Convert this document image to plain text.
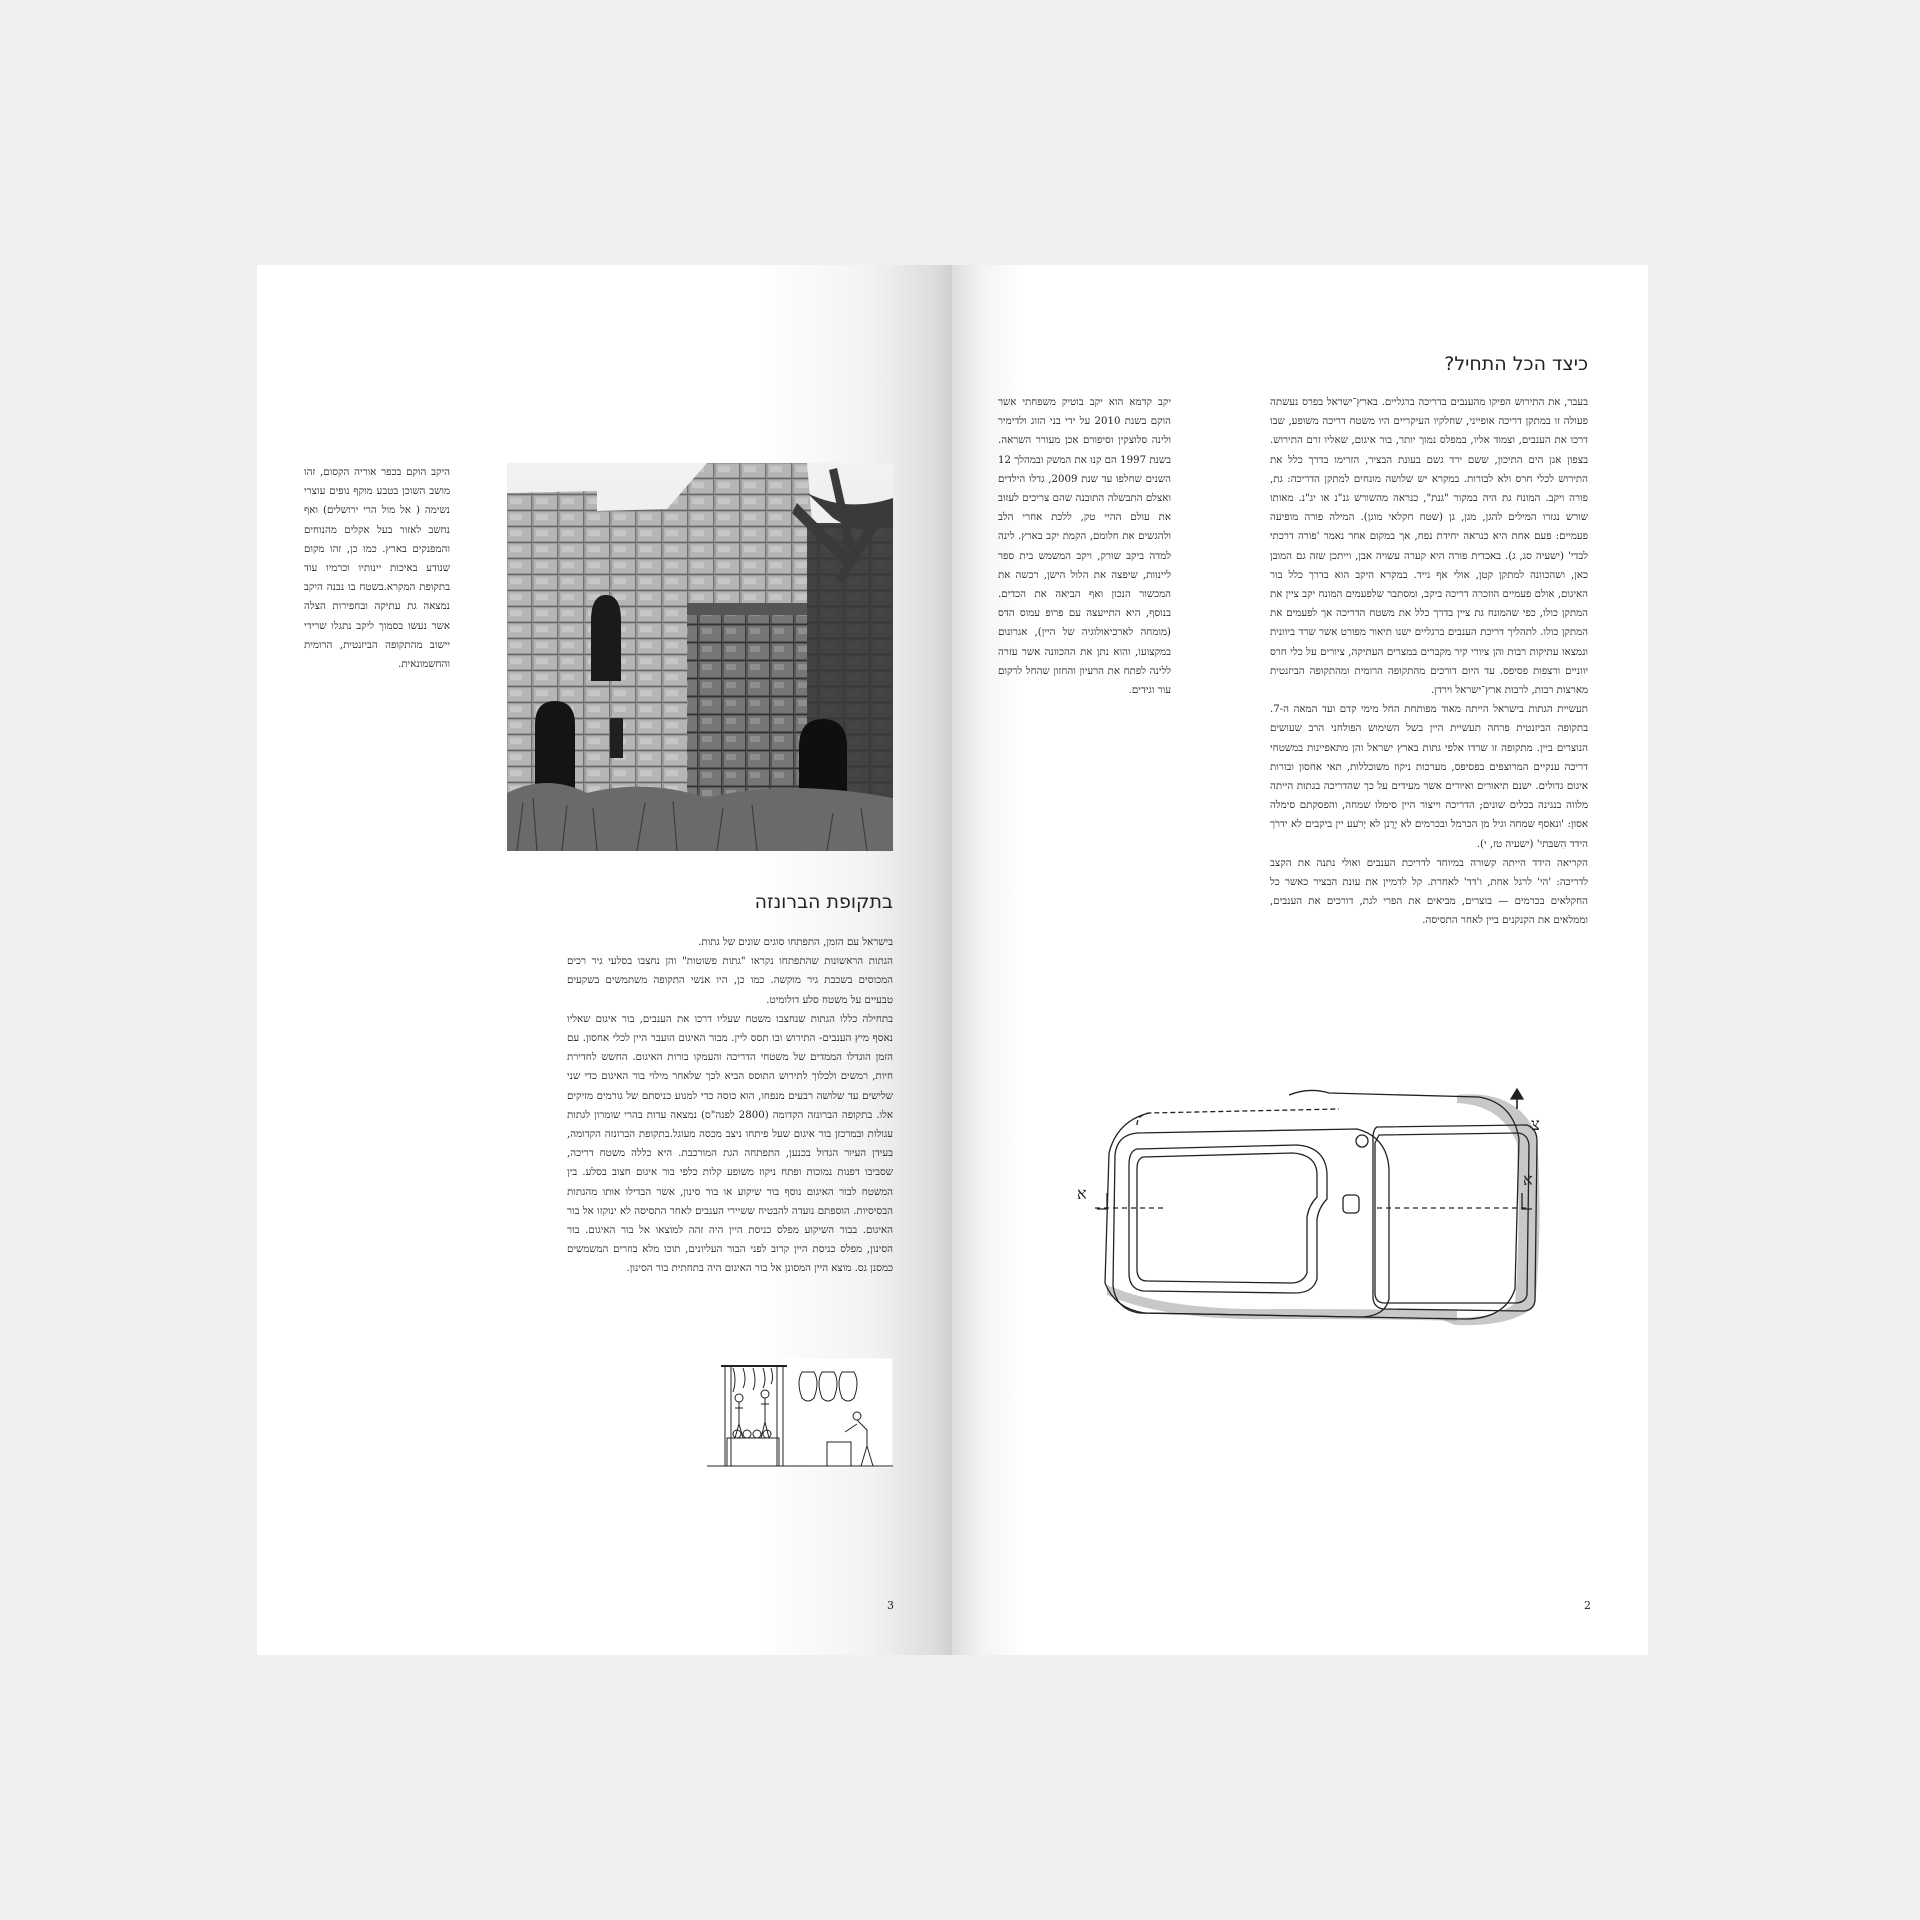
היקב הוקם בכפר אוריה הקסום, זהו מושב השוכן בטבע מוקף נופים עוצרי נשימה ( אל מול הרי ירושלים) ואף נחשב לאזור בעל אקלים מהנוחים והמפנקים בארץ. כמו כן, זהו מקום שנודע באיכות יינותיו וכרמיו עוד בתקופת המקרא.בשטח בו נבנה היקב נמצאה גת עתיקה ובחפירות הצלה אשר נעשו בסמוך ליקב נתגלו שרידי יישוב מהתקופה הביזנטית, הרומית והחשמונאית.
בתקופת הברונזה
בישראל עם הזמן, התפתחו סוגים שונים של גתות.
הגתות הראשונות שהתפתחו נקראו "גתות פשוטות" והן נחצבו בסלעי גיר רכים המכוסים בשכבת גיר מוקשה. כמו כן, היו אנשי התקופה משתמשים בשקעים טבעיים על משטח סלע דולומיט.
בתחילה כללו הגתות שנחצבו משטח שעליו דרכו את הענבים, בור איגום שאליו נאסף מיץ הענבים- התירוש ובו תסס ליין. מבור האיגום הועבר היין לכלי אחסון. עם הזמן הוגדלו הממדים של משטחי הדריכה והעמקו בורות האיגום. החשש לחדירת חיות, רמשים ולכלוך לתירוש התוסס הביא לכך שלאחר מילוי בור האיגום כדי שני שלישים עד שלושה רבעים מנפחו, הוא כוסה כדי למנוע כניסתם של גורמים מזיקים אלו. בתקופה הברונזה הקדומה (2800 לפנה"ס) נמצאה עדות בהרי שומרון לגתות עגולות ובמרכזן בור איגום שעל פיתחו ניצב מכסה מעוגל.בתקופת הברונזה הקדומה, בעידן העיור הגדול בכנען, התפתחה הגת המורכבת. היא כללה משטח דריכה, שסביבו דפנות נמוכות ופתח ניקוז משופע קלות כלפי בור איגום חצוב בסלע. בין המשטח לבור האיגום נוסף בור שיקוע או בור סינון, אשר הבדילו אותו מהגתות הבסיסיות. הוספתם נועדה להבטיח ששיירי הענבים לאחר התסיסה לא ינוקזו אל בור האיגום. בבור השיקוע מפלס כניסת היין היה זהה למוצאו אל בור האיגום. בור הסינון, מפלס כניסת היין קרוב לפני הבור העליונים, תוכו מלא בוזרים המשמשים כמסנן גס. מוצא היין המסונן אל בור האיגום היה בתחתית בור הסינון.
3
כיצד הכל התחיל?
בעבר, את התירוש הפיקו מהענבים בדריכה ברגליים. בארץ־ישראל בפרס נעשתה פעולה זו במתקן דריכה אופייני, שחלקיו העיקריים היו משטח דריכה משופע, שבו דרכו את הענבים, וצמוד אליו, במפלס נמוך יותר, בור איגום, שאליו זרם התירוש. בצפון אגן הים התיכון, ששם ירד גשם בעונת הבציר, הזרימו בדרך כלל את התירוש לכלי חרס ולא לבורות. במקרא יש שלושה מונחים למתקן הדריכה: גת, פורה ויקב. המונח גת היה במקור "גנת", כנראה מהשורש גנ"נ או יג"נ. מאותו שורש נגזרו המילים להגן, מגן, גן (שטח חקלאי מוגן). המילה פורה מופיעה פעמיים: פעם אחת היא כנראה יחידת נפח, אך במקום אחר נאמר 'פורה דרכתי לבדי' (ישעיה סג, ג). באכדית פורה היא קערה עשויה אבן, וייתכן שזה גם המובן כאן, ושהכוונה למתקן קטן, אולי אף נייד. במקרא היקב הוא בדרך כלל בור האיגום, אולם פעמיים הוזכרה דריכה ביקב, ומסתבר שלפעמים המונח יקב ציין את המתקן כולו, כפי שהמונח גת ציין בדרך כלל את משטח הדריכה אך לפעמים את המתקן כולו. לתהליך דריכת הענבים ברגליים ישנו תיאור מפורט אשר שרד ביוונית ונמצאו עתיקות רבות והן ציורי קיר מקברים במצרים העתיקה, ציורים על כלי חרס יווניים ורצפות פסיפס. עד היום דורכים מהתקופה הרומית ומהתקופה הביזנטית מארצות רבות, לרבות ארץ־ישראל וירדן.
תעשיית הגתות בישראל הייתה מאוד מפותחת החל מימי קדם ועד המאה ה-7. בתקופה הביזנטית פרחה תעשיית היין בשל השימוש הפולחני הרב שעושים הנוצרים ביין. מתקופה זו שרדו אלפי גתות בארץ ישראל והן מתאפיינות במשטחי דריכה ענקיים המרוצפים בפסיפס, מערכות ניקוז משוכללות, תאי אחסון ובורות איגום גדולים. ישנם תיאורים ואיורים אשר מעידים על כך שהדריכה בגתות הייתה מלווה בנגינה בכלים שונים; הדריכה וייצור היין סימלו שמחה, והפסקתם סימלה אסון: 'ונאסף שמחה וגיל מן הכרמל ובכרמים לא יְרֻנן לא יְרֹעע יין ביקבים לא ידרֹך הידד הִשבּתי' (ישעיה טז, י).
הקריאה הידד הייתה קשורה במיוחד לדריכת הענבים ואולי נתנה את הקצב לדריכה: 'הי' לרגל אחת, ו'דד' לאחרת. קל לדמיין את עונת הבציר כאשר כל החקלאים בכרמים — בוצרים, מביאים את הפרי לגת, דורכים את הענבים, וממלאים את הקנקנים ביין לאחר התסיסה.
יקב קדמא הוא יקב בוטיק משפחתי אשר הוקם בשנת 2010 על ידי בני הזוג ולדימיר ולינה סלוצקין וסיפורם אכן מעורר השראה. בשנת 1997 הם קנו את המשק ובמהלך 12 השנים שחלפו עד שנת 2009, גדלו הילדים ואצלם התבשלה התובנה שהם צריכים לעזוב את עולם ההיי טק, ללכת אחרי הלב ולהגשים את חלומם, הקמת יקב בארץ. לינה למדה ביקב שורק, ויקב המשמש בית ספר ליינוות, שיפצה את הלול הישן, רכשה את המכשור הנכון ואף הביאה את הכדים. בנוסף, היא התייעצה עם פרופ עמוס הדס (מומחה לארכיאולוגיה של היין), אגרונום במקצועו, והוא נתן את ההכוונה אשר עזרה ללינה לפתח את הרעיון והחזון שהחל לרקום עור וגידים.
א
א
צ
2
